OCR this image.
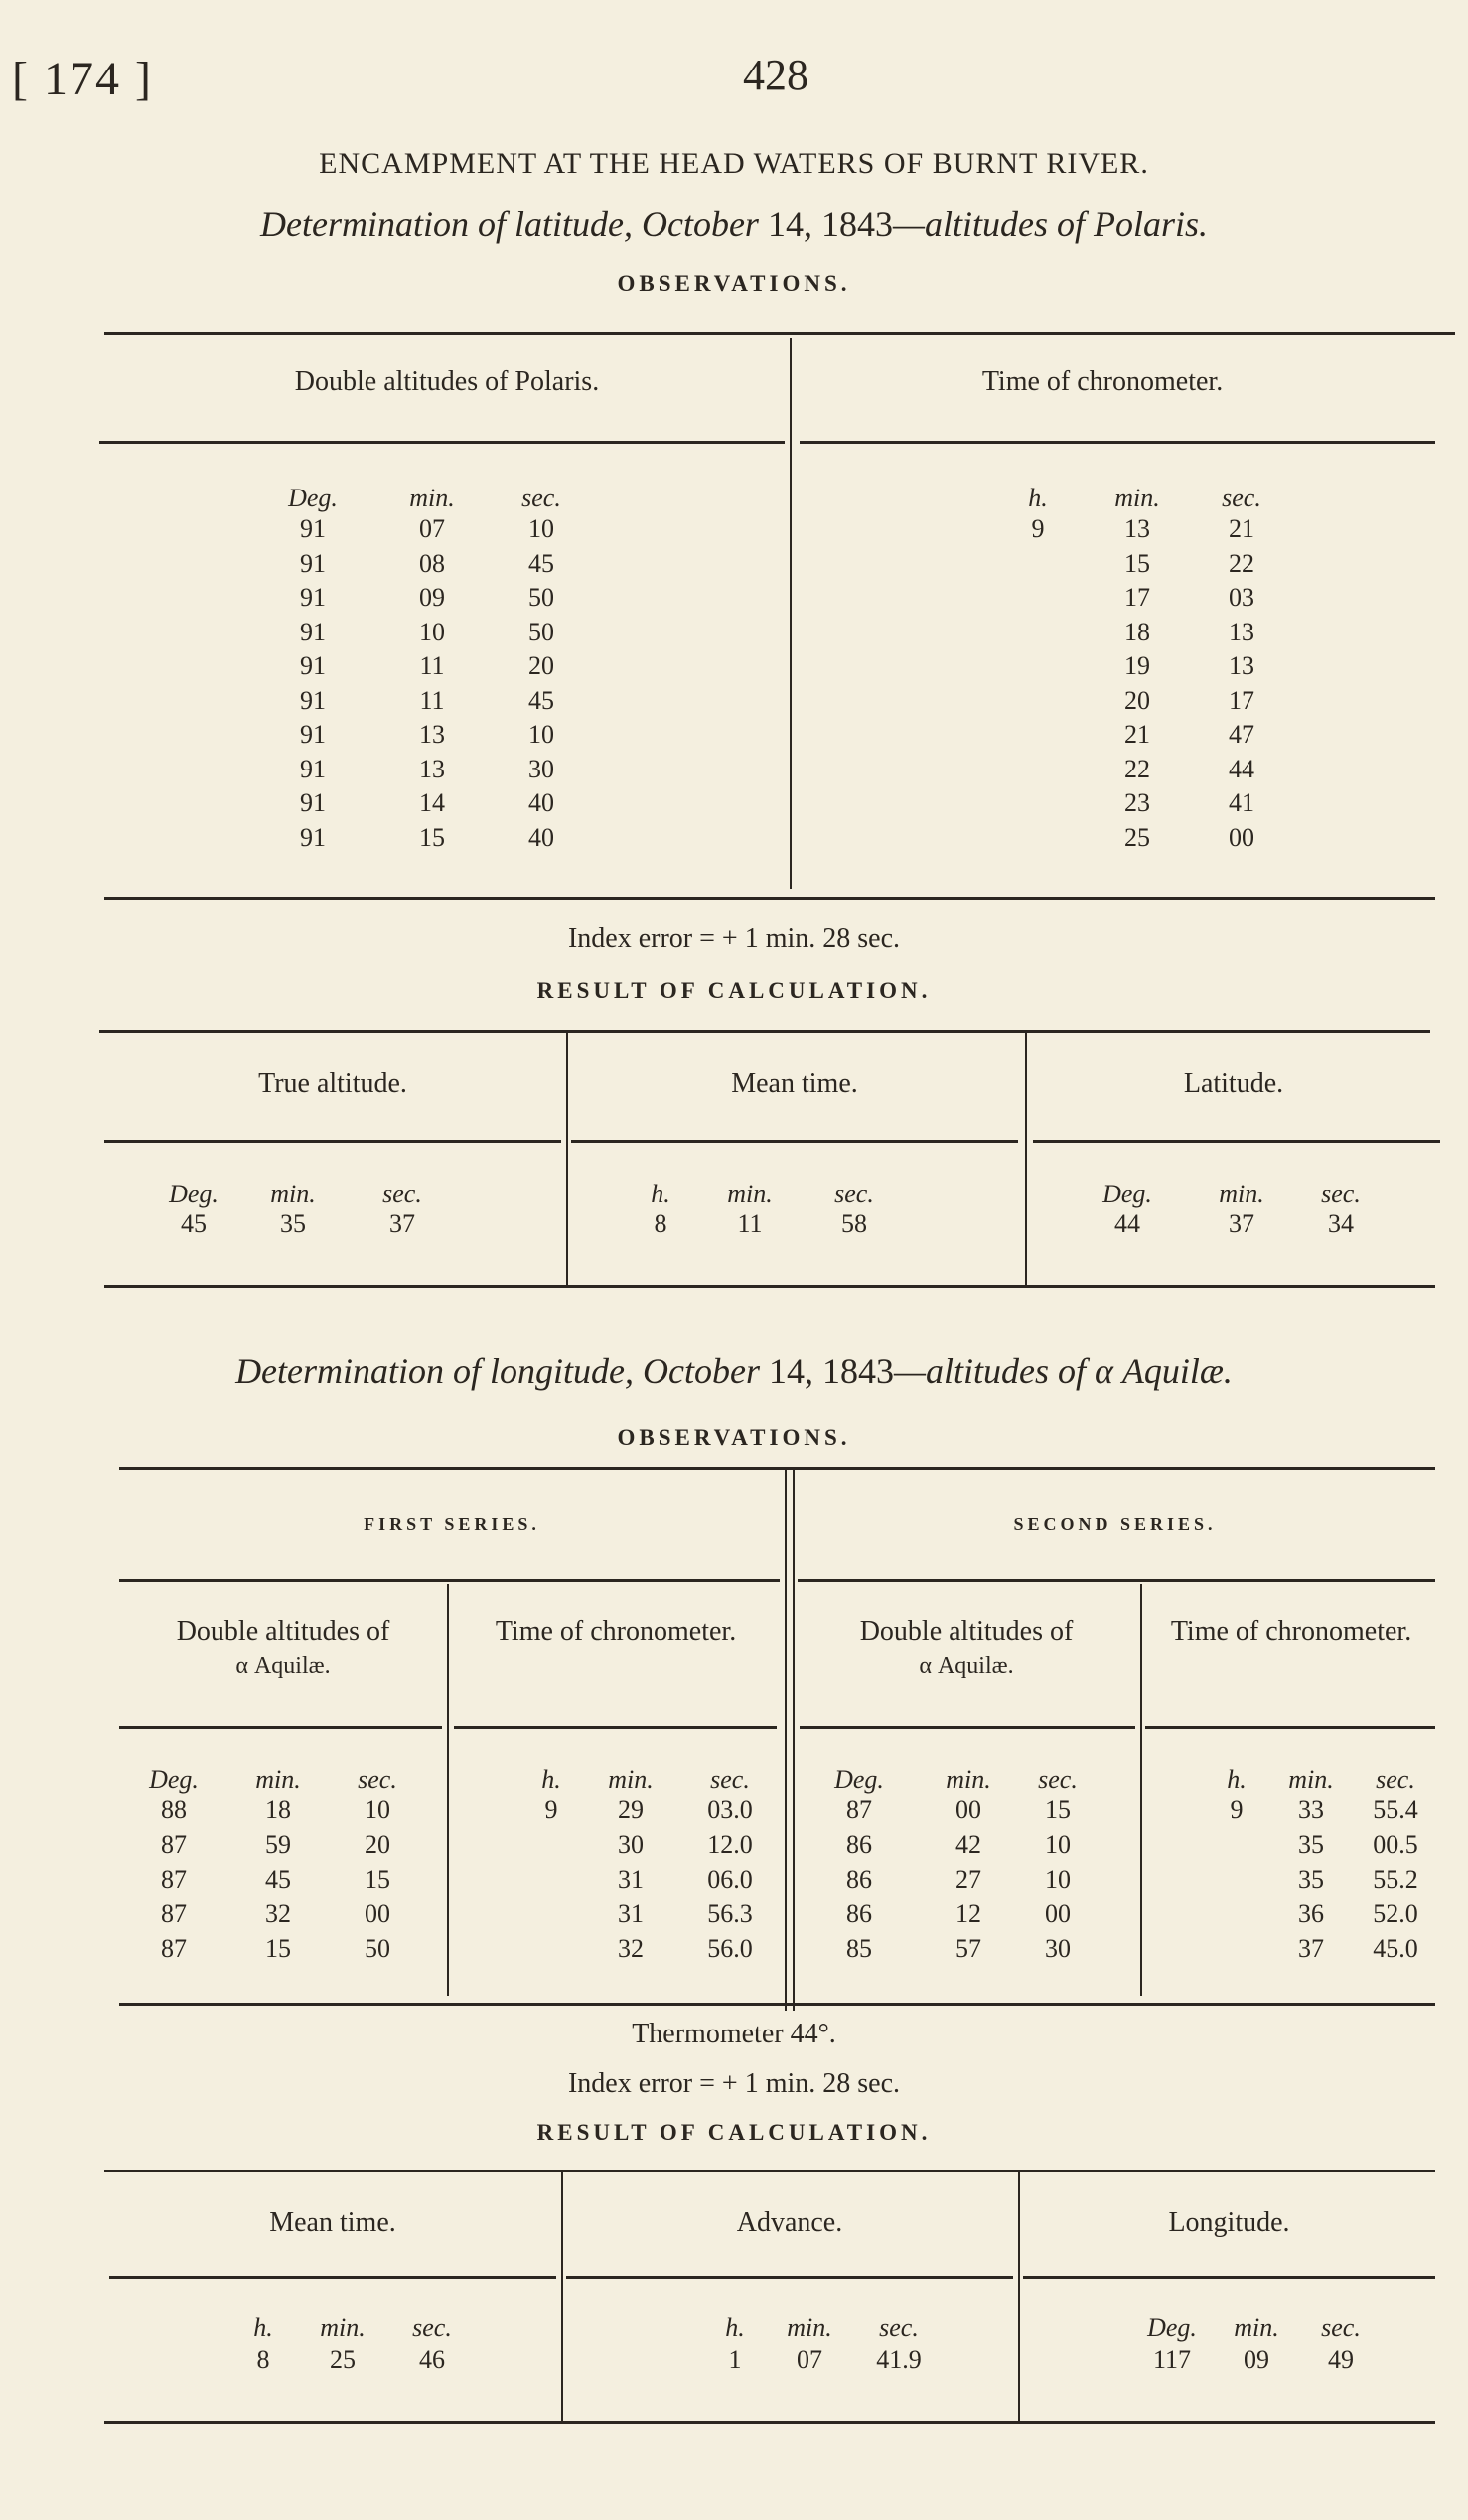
[ 174 ]	428
ENCAMPMENT AT THE HEAD WATERS OF BURNT RIVER.
Determination of latitude, October 14, 1843—altitudes of Polaris.
OBSERVATIONS.
Double altitudes of Polaris.	Time of chronometer.
Deg.	min.	sec.
91	07	10
91	08	45
91	09	50
91	10	50
91	11	20
91	11	45
91	13	10
91	13	30
91	14	40
91	15	40
h.	min.	sec.
9	13	21
15	22
17	03
18	13
19	13
20	17
21	47
22	44
23	41
25	00
Index error = + 1 min. 28 sec.
RESULT OF CALCULATION.
True altitude.	Mean time.	Latitude.
Deg.	min.	sec.
45	35	37
h.	min.	sec.
8	11	58
Deg.	min.	sec.
44	37	34
Determination of longitude, October 14, 1843—altitudes of α Aquilæ.
OBSERVATIONS.
FIRST SERIES.	SECOND SERIES.
Double altitudes of
α Aquilæ.
Time of chronometer.	Double altitudes of
α Aquilæ.
Time of chronometer.
Deg.	min.	sec.
88	18	10
87	59	20
87	45	15
87	32	00
87	15	50
h.	min.	sec.
9	29	03.0
30	12.0
31	06.0
31	56.3
32	56.0
Deg.	min.	sec.
87	00	15
86	42	10
86	27	10
86	12	00
85	57	30
h.	min.	sec.
9	33	55.4
35	00.5
35	55.2
36	52.0
37	45.0
Thermometer 44°.
Index error = + 1 min. 28 sec.
RESULT OF CALCULATION.
Mean time.	Advance.	Longitude.
h.	min.	sec.
8	25	46
h.	min.	sec.
1	07	41.9
Deg.	min.	sec.
117	09	49
